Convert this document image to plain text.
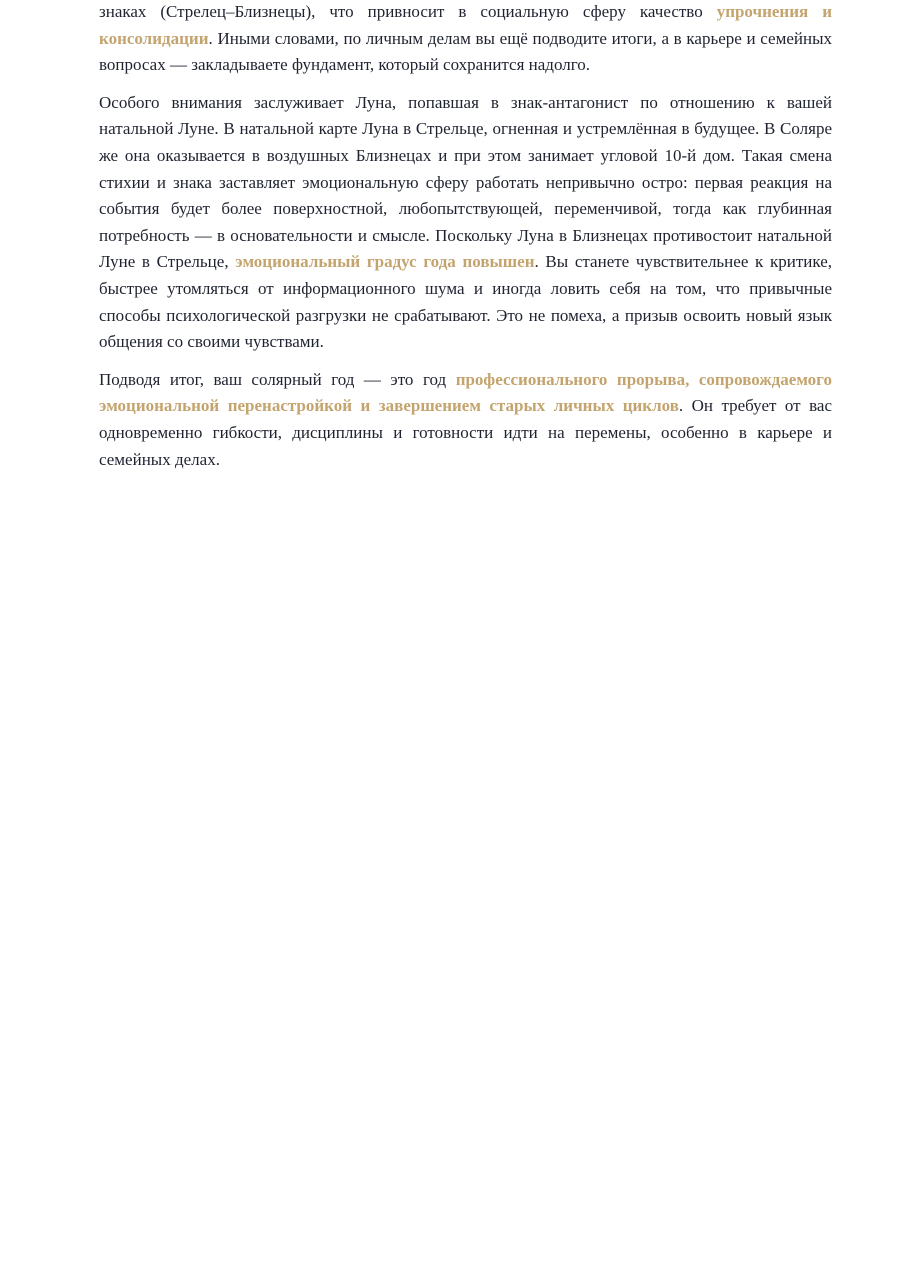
знаках (Стрелец–Близнецы), что привносит в социальную сферу качество упрочнения и консолидации. Иными словами, по личным делам вы ещё подводите итоги, а в карьере и семейных вопросах — закладываете фундамент, который сохранится надолго.

Особого внимания заслуживает Луна, попавшая в знак-антагонист по отношению к вашей натальной Луне. В натальной карте Луна в Стрельце, огненная и устремлённая в будущее. В Соляре же она оказывается в воздушных Близнецах и при этом занимает угловой 10-й дом. Такая смена стихии и знака заставляет эмоциональную сферу работать непривычно остро: первая реакция на события будет более поверхностной, любопытствующей, переменчивой, тогда как глубинная потребность — в основательности и смысле. Поскольку Луна в Близнецах противостоит натальной Луне в Стрельце, эмоциональный градус года повышен. Вы станете чувствительнее к критике, быстрее утомляться от информационного шума и иногда ловить себя на том, что привычные способы психологической разгрузки не срабатывают. Это не помеха, а призыв освоить новый язык общения со своими чувствами.

Подводя итог, ваш солярный год — это год профессионального прорыва, сопровождаемого эмоциональной перенастройкой и завершением старых личных циклов. Он требует от вас одновременно гибкости, дисциплины и готовности идти на перемены, особенно в карьере и семейных делах.
